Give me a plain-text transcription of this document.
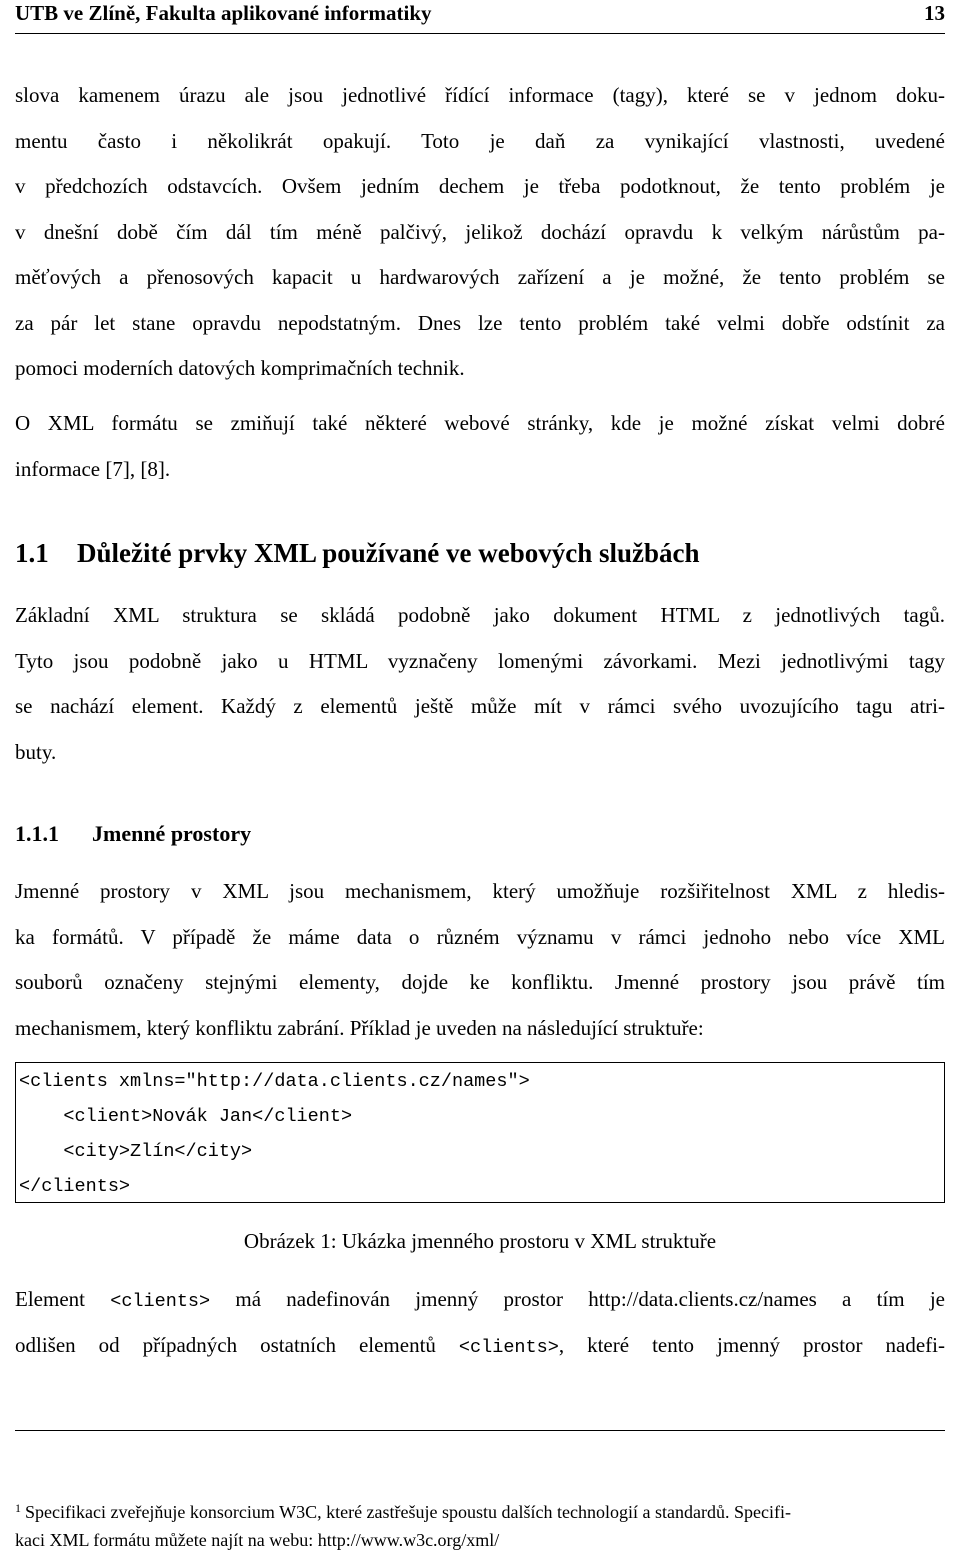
UTB ve Zlíně, Fakulta aplikované informatiky	13
slova kamenem úrazu ale jsou jednotlivé řídící informace (tagy), které se v jednom doku-
mentu často i několikrát opakují. Toto je daň za vynikající vlastnosti, uvedené
v předchozích odstavcích. Ovšem jedním dechem je třeba podotknout, že tento problém je
v dnešní době čím dál tím méně palčivý, jelikož dochází opravdu k velkým nárůstům pa-
měťových a přenosových kapacit u hardwarových zařízení a je možné, že tento problém se
za pár let stane opravdu nepodstatným. Dnes lze tento problém také velmi dobře odstínit za
pomoci moderních datových komprimačních technik.
O XML formátu se zmiňují také některé webové stránky, kde je možné získat velmi dobré
informace [7], [8].
1.1 Důležité prvky XML používané ve webových službách
Základní XML struktura se skládá podobně jako dokument HTML z jednotlivých tagů.
Tyto jsou podobně jako u HTML vyznačeny lomenými závorkami. Mezi jednotlivými tagy
se nachází element. Každý z elementů ještě může mít v rámci svého uvozujícího tagu atri-
buty.
1.1.1 Jmenné prostory
Jmenné prostory v XML jsou mechanismem, který umožňuje rozšiřitelnost XML z hledis-
ka formátů. V případě že máme data o různém významu v rámci jednoho nebo více XML
souborů označeny stejnými elementy, dojde ke konfliktu. Jmenné prostory jsou právě tím
mechanismem, který konfliktu zabrání. Příklad je uveden na následující struktuře:
<clients xmlns="http://data.clients.cz/names">
<client>Novák Jan</client>
<city>Zlín</city>
</clients>
Obrázek 1: Ukázka jmenného prostoru v XML struktuře
Element <clients> má nadefinován jmenný prostor http://data.clients.cz/names a tím je
odlišen od případných ostatních elementů <clients>, které tento jmenný prostor nadefi-
$^1$ Specifikaci zveřejňuje konsorcium W3C, které zastřešuje spoustu dalších technologií a standardů. Specifi-
kaci XML formátu můžete najít na webu: http://www.w3c.org/xml/
